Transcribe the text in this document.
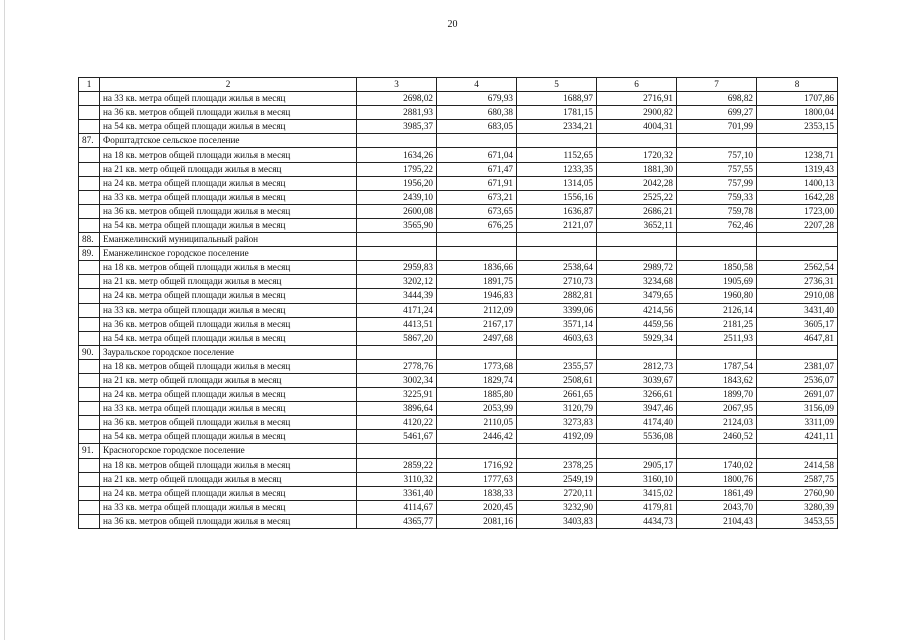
20
1	2	3	4	5	6	7	8
	на 33 кв. метра общей площади жилья в месяц	2698,02	679,93	1688,97	2716,91	698,82	1707,86
	на 36 кв. метров общей площади жилья в месяц	2881,93	680,38	1781,15	2900,82	699,27	1800,04
	на 54 кв. метра общей площади жилья в месяц	3985,37	683,05	2334,21	4004,31	701,99	2353,15
87.	Форштадтское сельское поселение						
	на 18 кв. метров общей площади жилья в месяц	1634,26	671,04	1152,65	1720,32	757,10	1238,71
	на 21 кв. метр общей площади жилья в месяц	1795,22	671,47	1233,35	1881,30	757,55	1319,43
	на 24 кв. метра общей площади жилья в месяц	1956,20	671,91	1314,05	2042,28	757,99	1400,13
	на 33 кв. метра общей площади жилья в месяц	2439,10	673,21	1556,16	2525,22	759,33	1642,28
	на 36 кв. метров общей площади жилья в месяц	2600,08	673,65	1636,87	2686,21	759,78	1723,00
	на 54 кв. метра общей площади жилья в месяц	3565,90	676,25	2121,07	3652,11	762,46	2207,28
88.	Еманжелинский муниципальный район						
89.	Еманжелинское городское поселение						
	на 18 кв. метров общей площади жилья в месяц	2959,83	1836,66	2538,64	2989,72	1850,58	2562,54
	на 21 кв. метр общей площади жилья в месяц	3202,12	1891,75	2710,73	3234,68	1905,69	2736,31
	на 24 кв. метра общей площади жилья в месяц	3444,39	1946,83	2882,81	3479,65	1960,80	2910,08
	на 33 кв. метра общей площади жилья в месяц	4171,24	2112,09	3399,06	4214,56	2126,14	3431,40
	на 36 кв. метров общей площади жилья в месяц	4413,51	2167,17	3571,14	4459,56	2181,25	3605,17
	на 54 кв. метра общей площади жилья в месяц	5867,20	2497,68	4603,63	5929,34	2511,93	4647,81
90.	Зауральское городское поселение						
	на 18 кв. метров общей площади жилья в месяц	2778,76	1773,68	2355,57	2812,73	1787,54	2381,07
	на 21 кв. метр общей площади жилья в месяц	3002,34	1829,74	2508,61	3039,67	1843,62	2536,07
	на 24 кв. метра общей площади жилья в месяц	3225,91	1885,80	2661,65	3266,61	1899,70	2691,07
	на 33 кв. метра общей площади жилья в месяц	3896,64	2053,99	3120,79	3947,46	2067,95	3156,09
	на 36 кв. метров общей площади жилья в месяц	4120,22	2110,05	3273,83	4174,40	2124,03	3311,09
	на 54 кв. метра общей площади жилья в месяц	5461,67	2446,42	4192,09	5536,08	2460,52	4241,11
91.	Красногорское городское поселение						
	на 18 кв. метров общей площади жилья в месяц	2859,22	1716,92	2378,25	2905,17	1740,02	2414,58
	на 21 кв. метр общей площади жилья в месяц	3110,32	1777,63	2549,19	3160,10	1800,76	2587,75
	на 24 кв. метра общей площади жилья в месяц	3361,40	1838,33	2720,11	3415,02	1861,49	2760,90
	на 33 кв. метра общей площади жилья в месяц	4114,67	2020,45	3232,90	4179,81	2043,70	3280,39
	на 36 кв. метров общей площади жилья в месяц	4365,77	2081,16	3403,83	4434,73	2104,43	3453,55
